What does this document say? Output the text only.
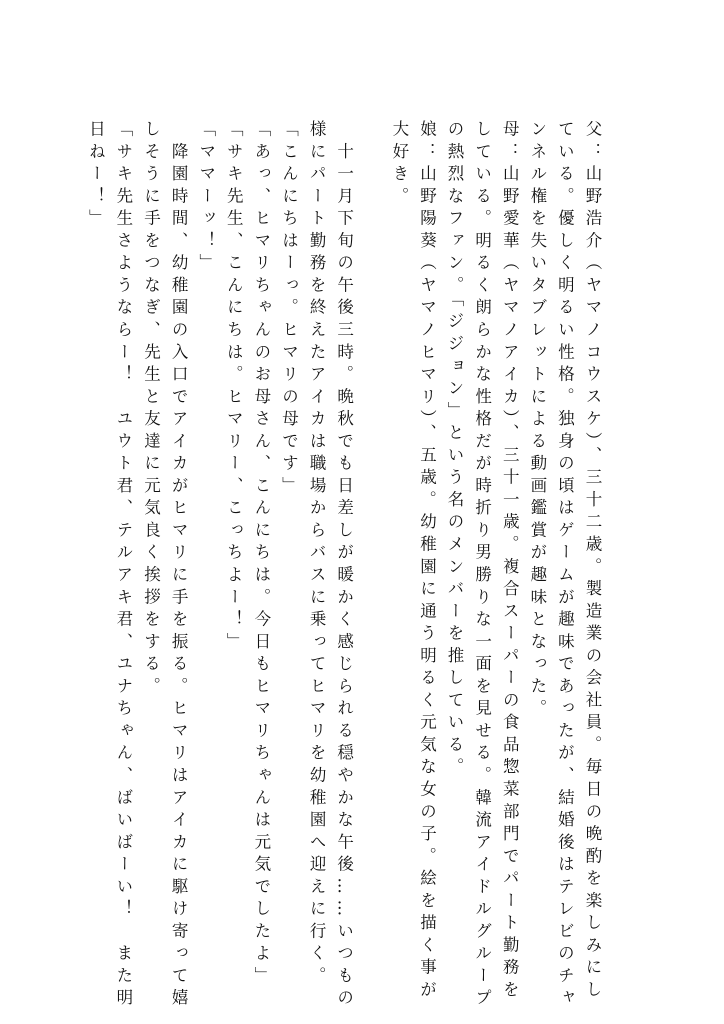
父：山野浩介（ヤマノコウスケ）、三十二歳。製造業の会社員。毎日の晩酌を楽しみにし
ている。優しく明るい性格。独身の頃はゲームが趣味であったが、結婚後はテレビのチャ
ンネル権を失いタブレットによる動画鑑賞が趣味となった。
母：山野愛華（ヤマノアイカ）、三十一歳。複合スーパーの食品惣菜部門でパート勤務を
している。明るく朗らかな性格だが時折り男勝りな一面を見せる。韓流アイドルグループ
の熱烈なファン。「ジジョン」という名のメンバーを推している。
娘：山野陽葵（ヤマノヒマリ）、五歳。幼稚園に通う明るく元気な女の子。絵を描く事が
大好き。
　十一月下旬の午後三時。晩秋でも日差しが暖かく感じられる穏やかな午後……いつもの
様にパート勤務を終えたアイカは職場からバスに乗ってヒマリを幼稚園へ迎えに行く。
「こんにちはーっ。ヒマリの母です」
「あっ、ヒマリちゃんのお母さん、こんにちは。今日もヒマリちゃんは元気でしたよ」
「サキ先生、こんにちは。ヒマリー、こっちよー！」
「ママーッ！」
　降園時間、幼稚園の入口でアイカがヒマリに手を振る。ヒマリはアイカに駆け寄って嬉
しそうに手をつなぎ、先生と友達に元気良く挨拶をする。
「サキ先生さようならー！　ユウト君、テルアキ君、ユナちゃん、ばいばーい！　また明
日ねー！」
